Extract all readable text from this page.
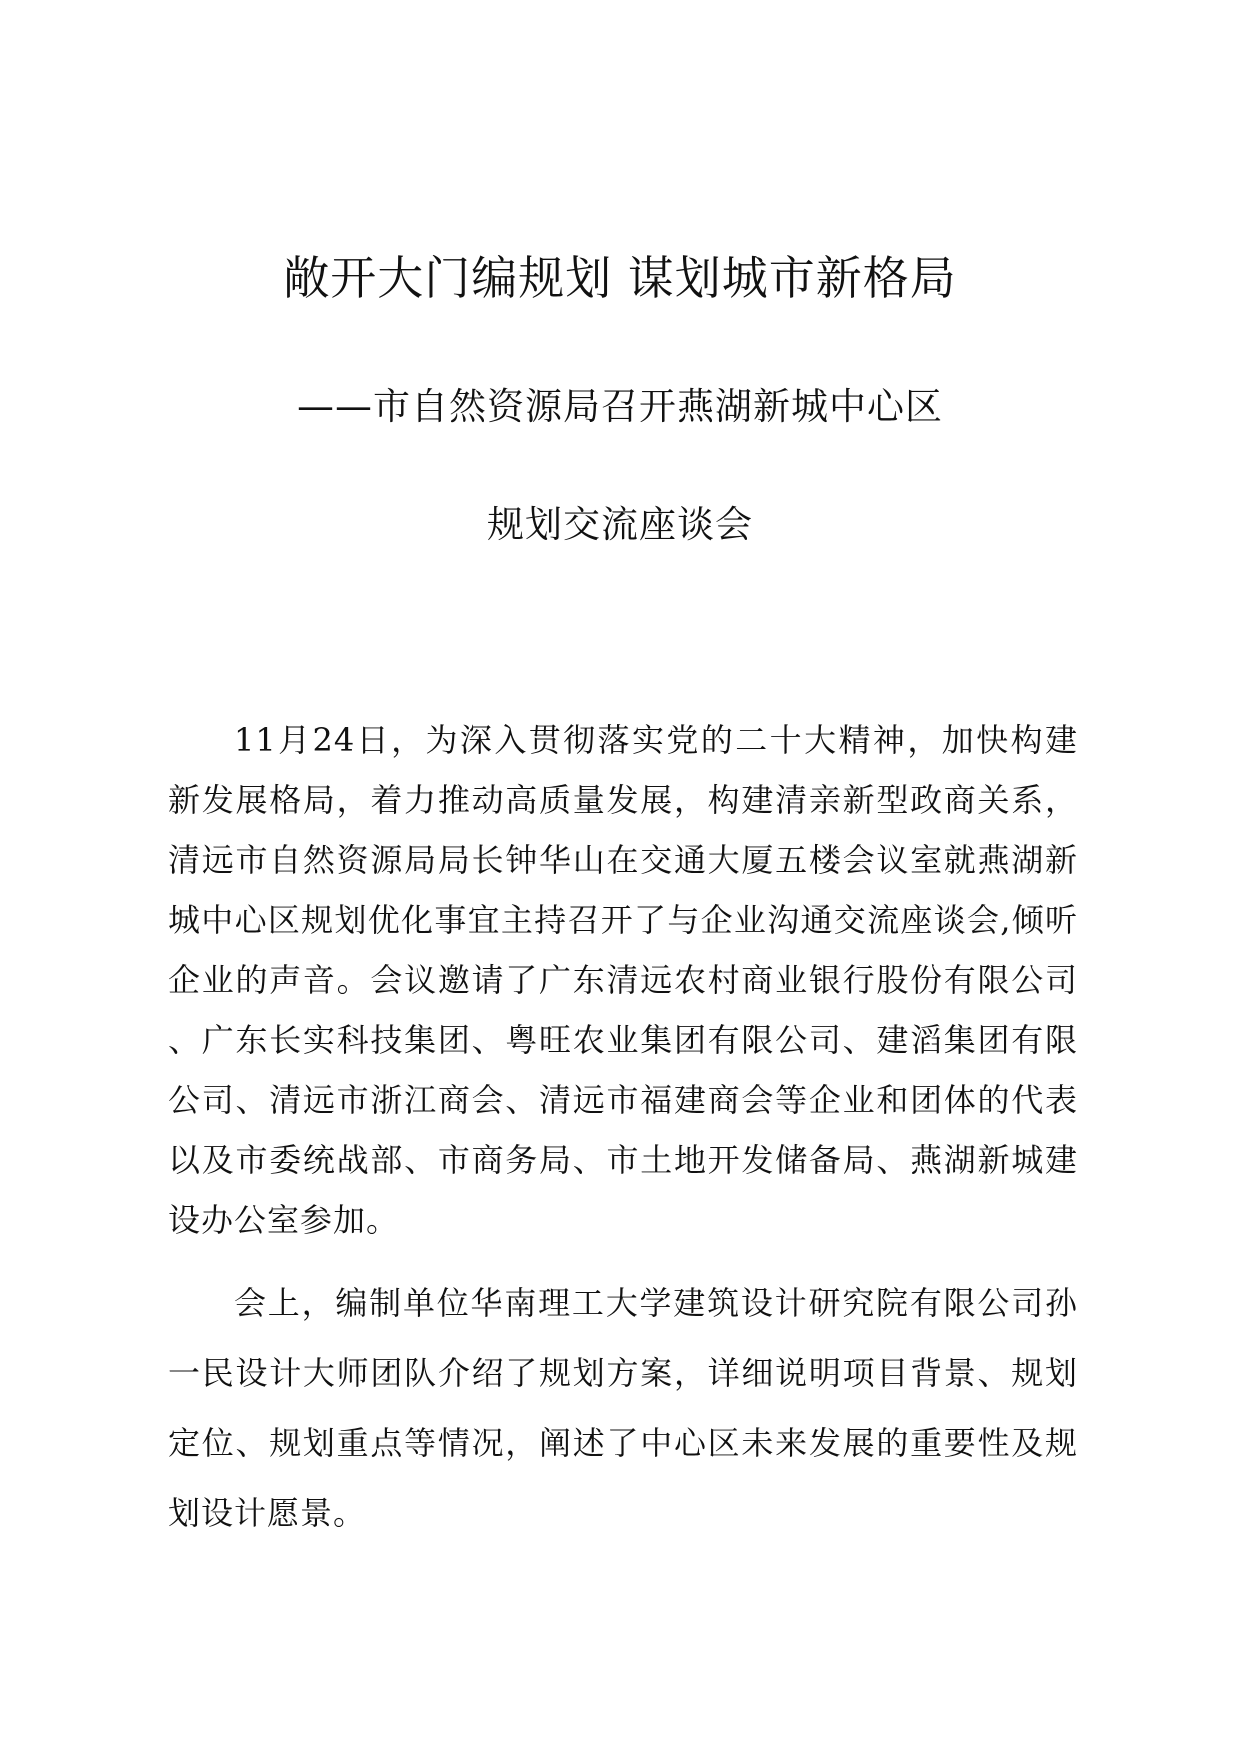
敞开大门编规划 谋划城市新格局
——市自然资源局召开燕湖新城中心区
规划交流座谈会

11月24日，为深入贯彻落实党的二十大精神，加快构建新发展格局，着力推动高质量发展，构建清亲新型政商关系，清远市自然资源局局长钟华山在交通大厦五楼会议室就燕湖新城中心区规划优化事宜主持召开了与企业沟通交流座谈会,倾听企业的声音。会议邀请了广东清远农村商业银行股份有限公司、广东长实科技集团、粤旺农业集团有限公司、建滔集团有限公司、清远市浙江商会、清远市福建商会等企业和团体的代表以及市委统战部、市商务局、市土地开发储备局、燕湖新城建设办公室参加。

会上，编制单位华南理工大学建筑设计研究院有限公司孙一民设计大师团队介绍了规划方案，详细说明项目背景、规划定位、规划重点等情况，阐述了中心区未来发展的重要性及规划设计愿景。
